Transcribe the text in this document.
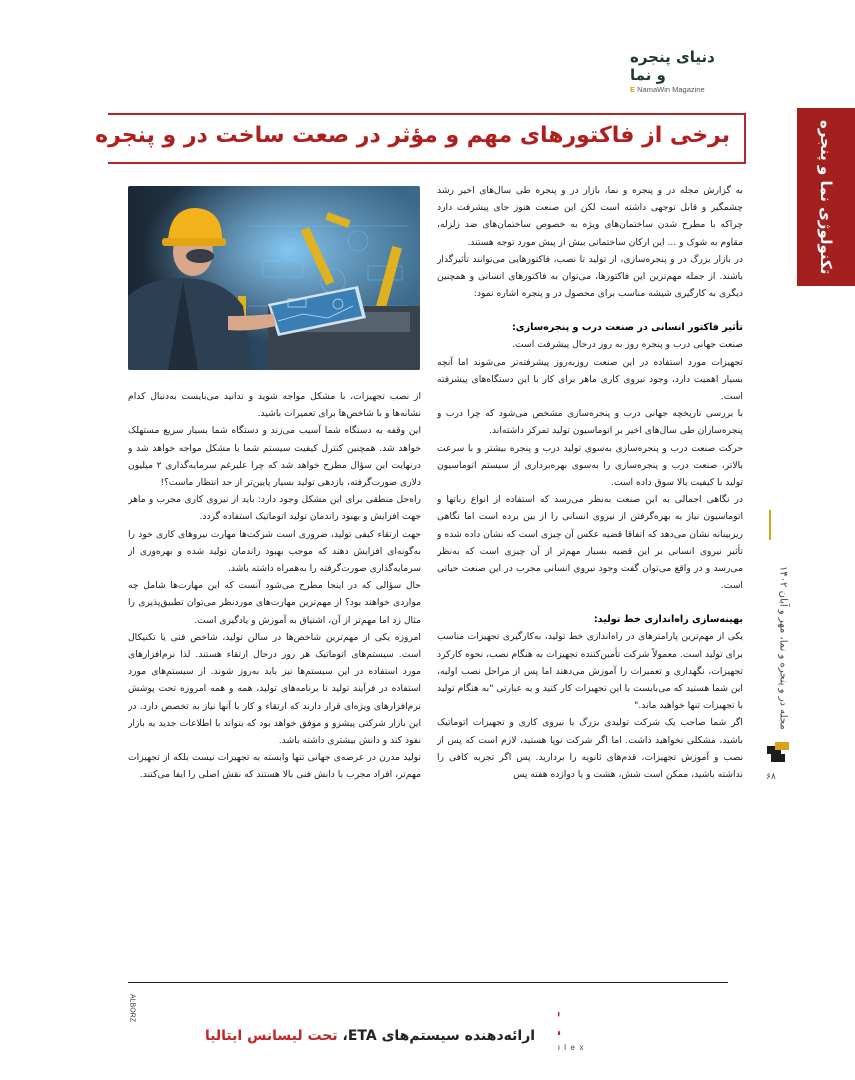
دنیای پنجره و نما
E NamaWin Magazine
تکنولوژی نما و پنجره
برخی از فاکتورهای مهم و مؤثر در صعت ساخت در و پنجره

به گزارش مجله در و پنجره و نما، بازار در و پنجره طی سال‌های اخیر رشد چشمگیر و قابل توجهی داشته است لکن این صنعت هنوز جای پیشرفت دارد چراکه با مطرح شدن ساختمان‌های ویژه به خصوص ساختمان‌های ضد زلزله، مقاوم به شوک و ... این ارکان ساختمانی بیش از پیش مورد توجه هستند.

در بازار بزرگ در و پنجره‌سازی، از تولید تا نصب، فاکتورهایی می‌توانند تأثیرگذار باشند. از جمله مهم‌ترین این فاکتورها، می‌توان به فاکتورهای انسانی و همچنین دیگری به کارگیری شیشه مناسب برای محصول در و پنجره اشاره نمود:

تأثیر فاکتور انسانی در صنعت درب و پنجره‌سازی:

صنعت جهانی درب و پنجره روز به روز درحال پیشرفت است.

تجهیزات مورد استفاده در این صنعت روزبه‌روز پیشرفته‌تر می‌شوند اما آنچه بسیار اهمیت دارد، وجود نیروی کاری ماهر برای کار با این دستگاه‌های پیشرفته است.

با بررسی تاریخچه جهانی درب و پنجره‌سازی مشخص می‌شود که چرا درب و پنجره‌سازان طی سال‌های اخیر بر اتوماسیون تولید تمرکز داشته‌اند.

حرکت صنعت درب و پنجره‌سازی به‌سوی تولید درب و پنجره بیشتر و با سرعت بالاتر، صنعت درب و پنجره‌سازی را به‌سوی بهره‌برداری از سیستم اتوماسیون تولید با کیفیت بالا سوق داده است.

در نگاهی اجمالی به این صنعت به‌نظر می‌رسد که استفاده از انواع رباتها و اتوماسیون نیاز به بهره‌گرفتن از نیروی انسانی را از بین برده است اما نگاهی ریزبینانه نشان می‌دهد که اتفاقا قضیه عکس آن چیزی است که نشان داده شده و تأثیر نیروی انسانی بر این قضیه بسیار مهم‌تر از آن چیزی است که به‌نظر می‌رسد و در واقع می‌توان گفت وجود نیروی انسانی مجرب در این صنعت حیاتی است.

بهینه‌سازی راه‌اندازی خط تولید:

یکی از مهم‌ترین پارامترهای در راه‌اندازی خط تولید، به‌کارگیری تجهیزات مناسب برای تولید است. معمولاً شرکت تأمین‌کننده تجهیزات به هنگام نصب، نحوه کارکرد تجهیزات، نگهداری و تعمیرات را آموزش می‌دهند اما پس از مراحل نصب اولیه، این شما هستید که می‌بایست با این تجهیزات کار کنید و به عبارتی "به هنگام تولید با تجهیزات تنها خواهید ماند."

اگر شما صاحب یک شرکت تولیدی بزرگ با نیروی کاری و تجهیزات اتوماتیک باشید، مشکلی نخواهید داشت. اما اگر شرکت نوپا هستید، لازم است که پس از نصب و آموزش تجهیزات، قدم‌های ثانویه را بردارید. پس اگر تجربه کافی را نداشته باشید، ممکن است شش، هشت و یا دوازده هفته پس

از نصب تجهیزات، با مشکل مواجه شوید و ندانید می‌بایست به‌دنبال کدام نشانه‌ها و با شاخص‌ها برای تعمیرات باشید.

این وقفه به دستگاه شما آسیب می‌زند و دستگاه شما بسیار سریع مستهلک خواهد شد. همچنین کنترل کیفیت سیستم شما با مشکل مواجه خواهد شد و درنهایت این سؤال مطرح خواهد شد که چرا علیرغم سرمایه‌گذاری ۲ میلیون دلاری صورت‌گرفته، بازدهی تولید بسیار پایین‌تر از حد انتظار ماست؟!

راه‌حل منطقی برای این مشکل وجود دارد: باید از نیروی کاری مجرب و ماهر جهت افزایش و بهبود راندمان تولید اتوماتیک استفاده گردد.

جهت ارتقاء کیفی تولید، ضروری است شرکت‌ها مهارت نیروهای کاری خود را به‌گونه‌ای افزایش دهند که موجب بهبود راندمان تولید شده و بهره‌وری از سرمایه‌گذاری صورت‌گرفته را به‌همراه داشته باشد.

حال سؤالی که در اینجا مطرح می‌شود آنست که این مهارت‌ها شامل چه مواردی خواهند بود؟ از مهم‌ترین مهارت‌های مورد‌نظر می‌توان تطبیق‌پذیری را مثال زد اما مهم‌تر از آن، اشتیاق به آموزش و یادگیری است.

امروزه یکی از مهم‌ترین شاخص‌ها در سالن تولید، شاخص فنی یا تکنیکال است. سیستم‌های اتوماتیک هر روز درحال ارتقاء هستند. لذا نرم‌افزارهای مورد استفاده در این سیستم‌ها نیز باید به‌روز شوند. از سیستم‌های مورد استفاده در فرآیند تولید تا برنامه‌های تولید، همه و همه امروزه تحت پوشش نرم‌افزارهای ویژه‌ای قرار دارند که ارتقاء و کار با آنها نیاز به تخصص دارد. در این بازار شرکتی پیشرو و موفق خواهد بود که بتواند با اطلاعات جدید به بازار نفوذ کند و دانش بیشتری داشته باشد.

تولید مدرن در عرصه‌ی جهانی تنها وابسته به تجهیزات نیست بلکه از تجهیزات مهم‌تر، افراد مجرب با دانش فنی بالا هستند که نقش اصلی را ایفا می‌کنند.

مجله در و پنجره و نما، مهر و آبان ۱۴۰۲
۶۸
ALBORZ
ارائه‌دهنده سیستم‌های ETA، تحت لیسانس ایتالیا
plex
